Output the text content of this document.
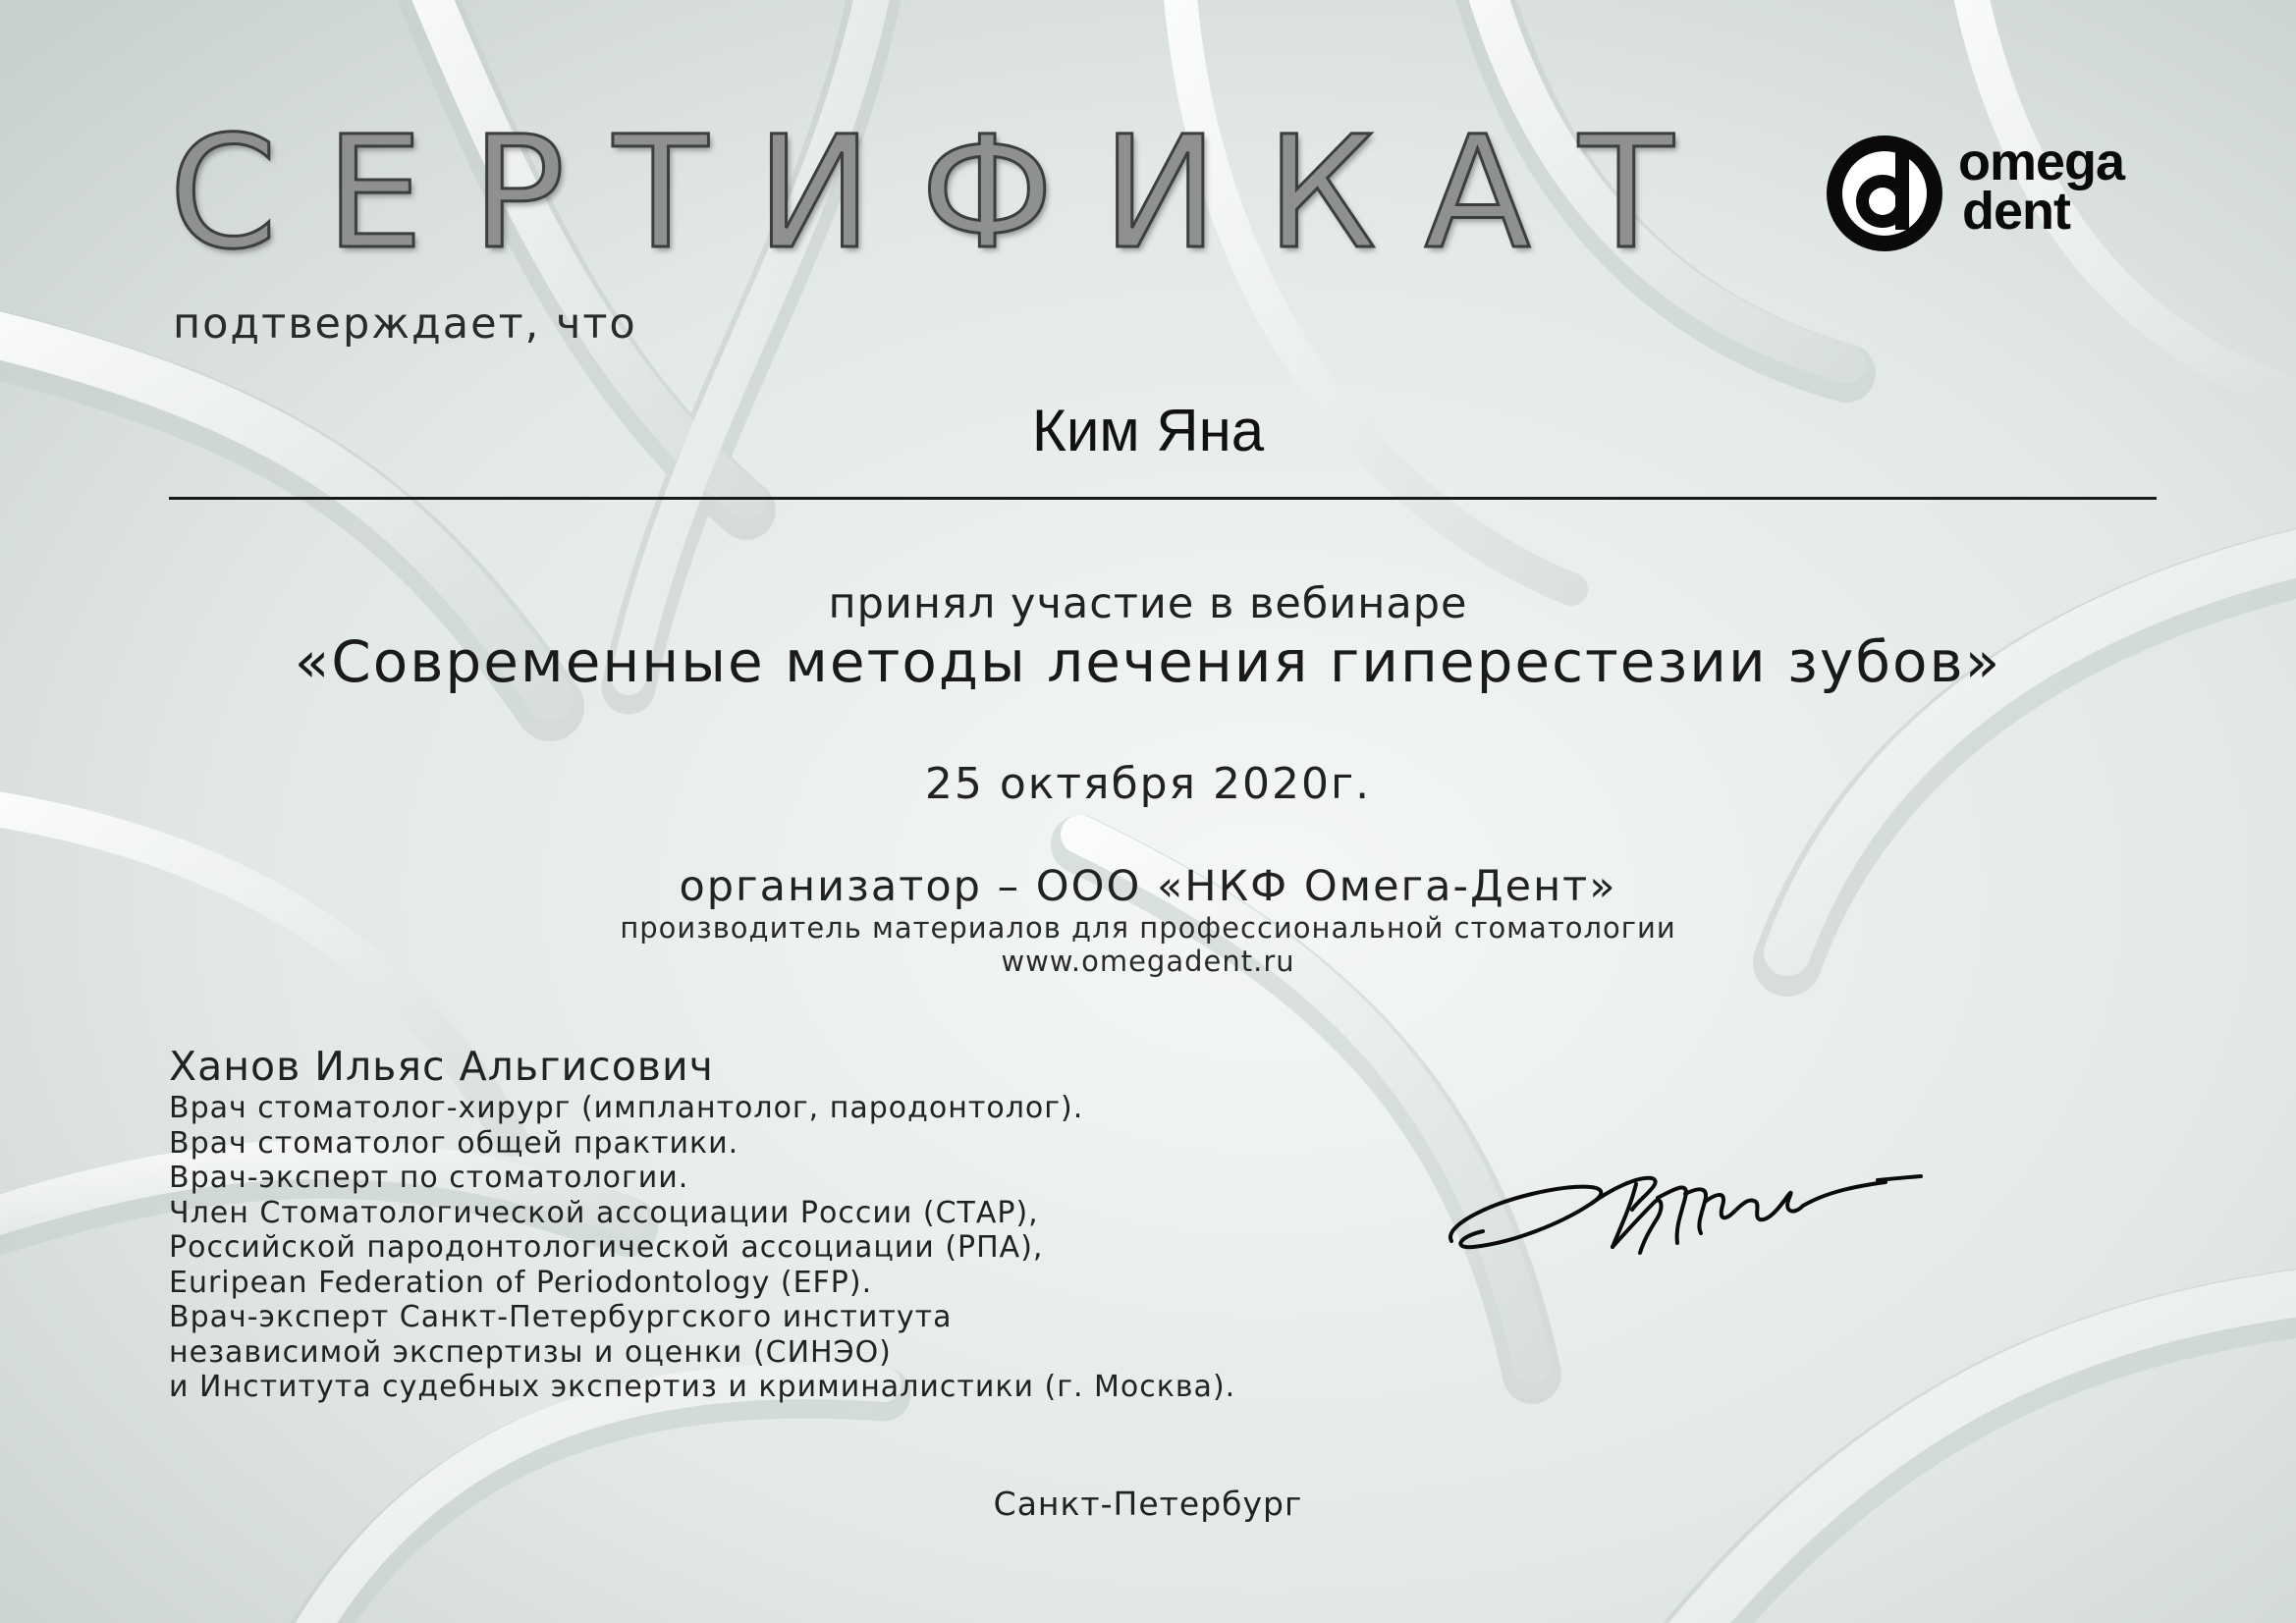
СЕРТИФИКАТ	omega
dent
подтверждает, что
Ким Яна
принял участие в вебинаре
«Современные методы лечения гиперестезии зубов»
25 октября 2020г.
организатор – ООО «НКФ Омега-Дент»
производитель материалов для профессиональной стоматологии
www.omegadent.ru
Ханов Ильяс Альгисович
Врач стоматолог-хирург (имплантолог, пародонтолог).
Врач стоматолог общей практики.
Врач-эксперт по стоматологии.
Член Стоматологической ассоциации России (СТАР),
Российской пародонтологической ассоциации (РПА),
Euripean Federation of Periodontology (EFP).
Врач-эксперт Санкт-Петербургского института
независимой экспертизы и оценки (СИНЭО)
и Института судебных экспертиз и криминалистики (г. Москва).
Санкт-Петербург
